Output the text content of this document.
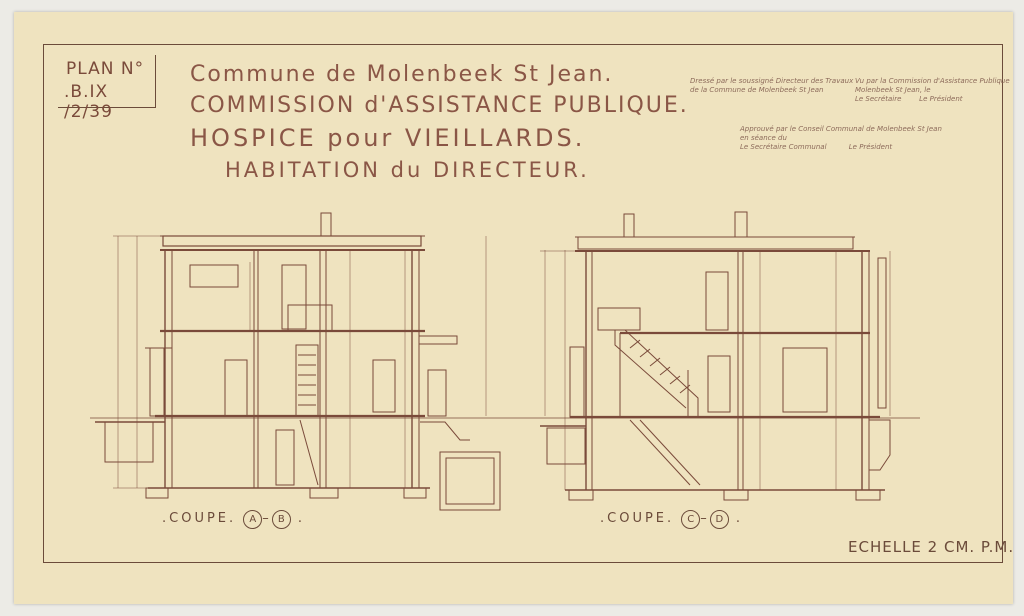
PLAN N°
.B.IX /2/39
Commune de Molenbeek St Jean.
COMMISSION d'ASSISTANCE PUBLIQUE.
HOSPICE pour VIEILLARDS.
HABITATION du DIRECTEUR.
Dressé par le soussigné Directeur des Travaux
de la Commune de Molenbeek St Jean
Vu par la Commission d'Assistance Publique
Molenbeek St Jean, le
Le Secrétaire        Le Président
Approuvé par le Conseil Communal de Molenbeek St Jean
en séance du
Le Secrétaire Communal          Le Président
.COUPE. A – B .	.COUPE. C – D .
ECHELLE 2 CM. P.M.
